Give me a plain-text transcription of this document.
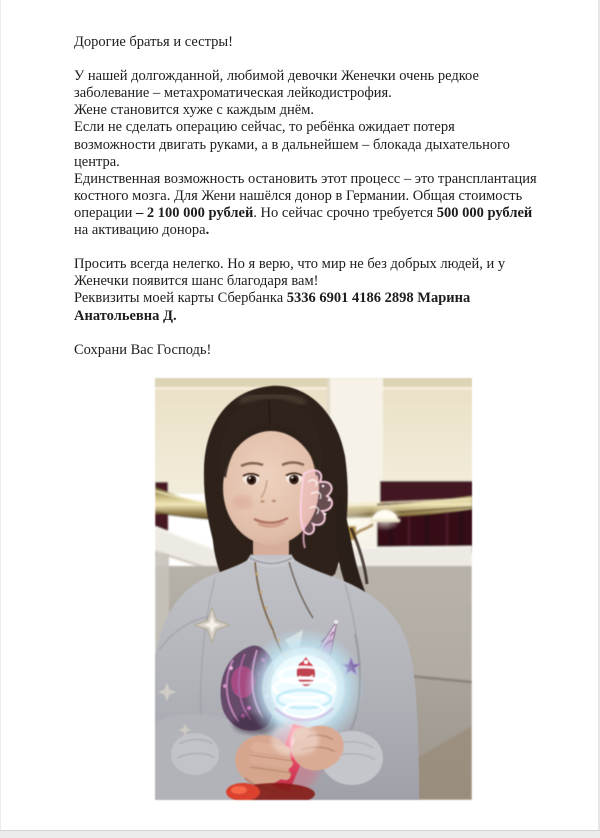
Дорогие братья и сестры!

У нашей долгожданной, любимой девочки Женечки очень редкое
заболевание – метахроматическая лейкодистрофия.
Жене становится хуже с каждым днём.
Если не сделать операцию сейчас, то ребёнка ожидает потеря
возможности двигать руками, а в дальнейшем – блокада дыхательного
центра.
Единственная возможность остановить этот процесс – это трансплантация
костного мозга. Для Жени нашёлся донор в Германии. Общая стоимость
операции – 2 100 000 рублей. Но сейчас срочно требуется 500 000 рублей
на активацию донора.

Просить всегда нелегко. Но я верю, что мир не без добрых людей, и у
Женечки появится шанс благодаря вам!
Реквизиты моей карты Сбербанка 5336 6901 4186 2898 Марина
Анатольевна Д.

Сохрани Вас Господь!
